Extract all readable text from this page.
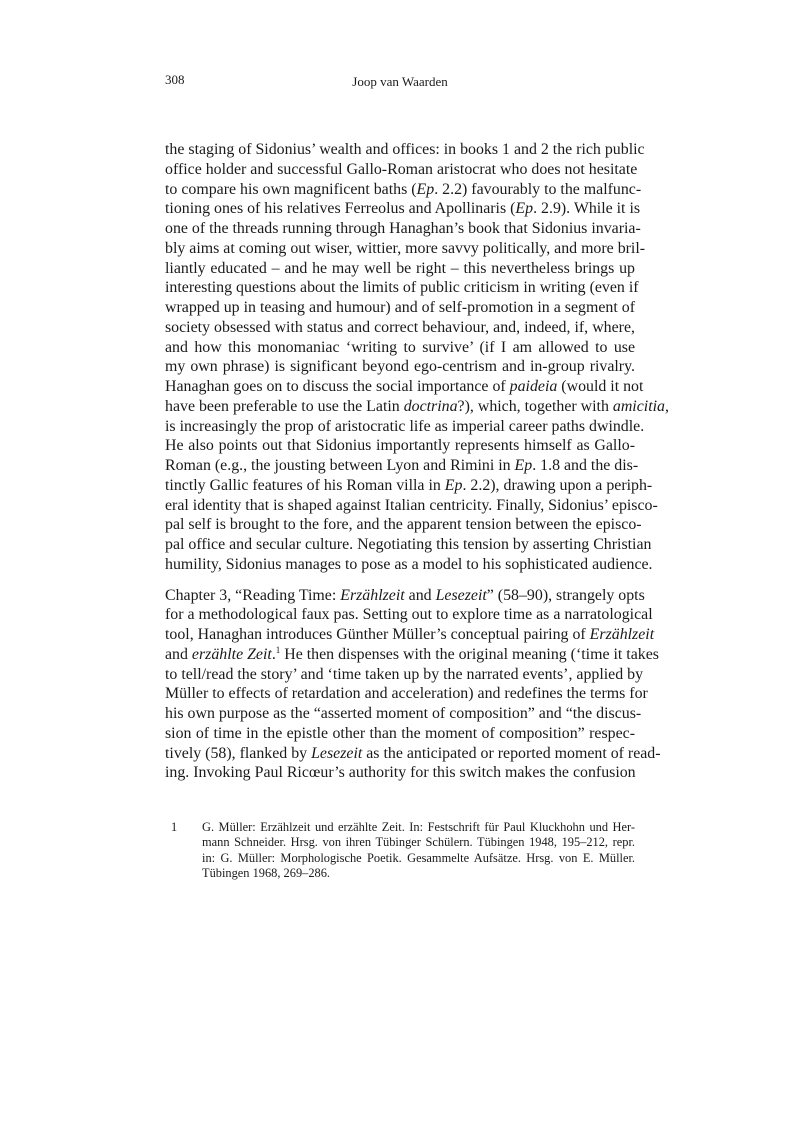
308	Joop van Waarden
the staging of Sidonius’ wealth and offices: in books 1 and 2 the rich public
office holder and successful Gallo-Roman aristocrat who does not hesitate
to compare his own magnificent baths (Ep. 2.2) favourably to the malfunc-
tioning ones of his relatives Ferreolus and Apollinaris (Ep. 2.9). While it is
one of the threads running through Hanaghan’s book that Sidonius invaria-
bly aims at coming out wiser, wittier, more savvy politically, and more bril-
liantly educated – and he may well be right – this nevertheless brings up
interesting questions about the limits of public criticism in writing (even if
wrapped up in teasing and humour) and of self-promotion in a segment of
society obsessed with status and correct behaviour, and, indeed, if, where,
and how this monomaniac ‘writing to survive’ (if I am allowed to use
my own phrase) is significant beyond ego-centrism and in-group rivalry.
Hanaghan goes on to discuss the social importance of paideia (would it not
have been preferable to use the Latin doctrina?), which, together with amicitia,
is increasingly the prop of aristocratic life as imperial career paths dwindle.
He also points out that Sidonius importantly represents himself as Gallo-
Roman (e.g., the jousting between Lyon and Rimini in Ep. 1.8 and the dis-
tinctly Gallic features of his Roman villa in Ep. 2.2), drawing upon a periph-
eral identity that is shaped against Italian centricity. Finally, Sidonius’ episco-
pal self is brought to the fore, and the apparent tension between the episco-
pal office and secular culture. Negotiating this tension by asserting Christian
humility, Sidonius manages to pose as a model to his sophisticated audience.
Chapter 3, “Reading Time: Erzählzeit and Lesezeit” (58–90), strangely opts
for a methodological faux pas. Setting out to explore time as a narratological
tool, Hanaghan introduces Günther Müller’s conceptual pairing of Erzählzeit
and erzählte Zeit.$^1$ He then dispenses with the original meaning (‘time it takes
to tell/read the story’ and ‘time taken up by the narrated events’, applied by
Müller to effects of retardation and acceleration) and redefines the terms for
his own purpose as the “asserted moment of composition” and “the discus-
sion of time in the epistle other than the moment of composition” respec-
tively (58), flanked by Lesezeit as the anticipated or reported moment of read-
ing. Invoking Paul Ricœur’s authority for this switch makes the confusion
1 G. Müller: Erzählzeit und erzählte Zeit. In: Festschrift für Paul Kluckhohn und Her-
mann Schneider. Hrsg. von ihren Tübinger Schülern. Tübingen 1948, 195–212, repr.
in: G. Müller: Morphologische Poetik. Gesammelte Aufsätze. Hrsg. von E. Müller.
Tübingen 1968, 269–286.
